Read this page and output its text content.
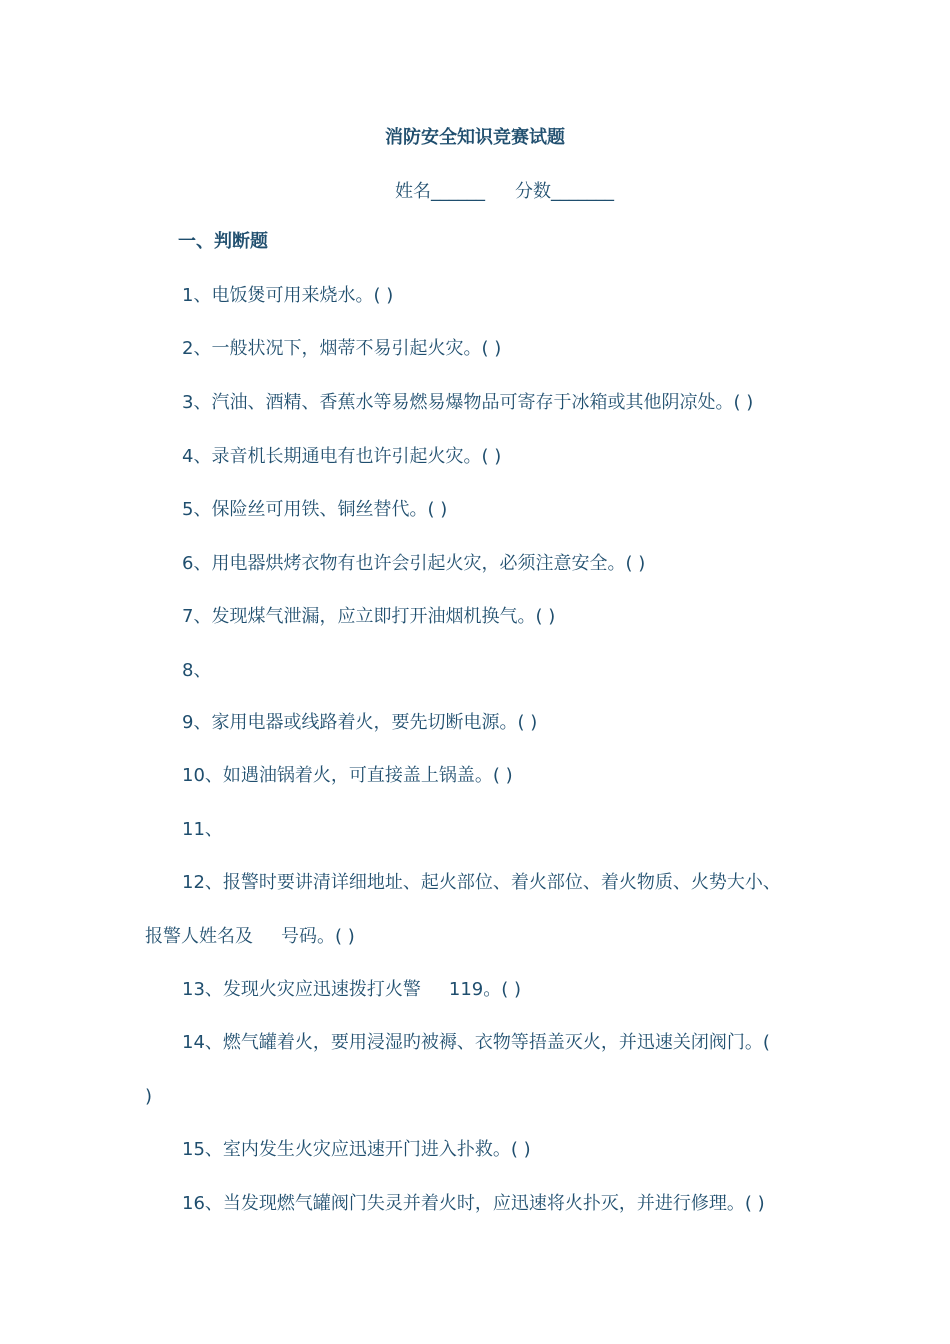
消防安全知识竞赛试题
姓名______ 分数_______
一、判断题
1、电饭煲可用来烧水。( )
2、一般状况下，烟蒂不易引起火灾。( )
3、汽油、酒精、香蕉水等易燃易爆物品可寄存于冰箱或其他阴凉处。( )
4、录音机长期通电有也许引起火灾。( )
5、保险丝可用铁、铜丝替代。( )
6、用电器烘烤衣物有也许会引起火灾，必须注意安全。( )
7、发现煤气泄漏，应立即打开油烟机换气。( )
8、
9、家用电器或线路着火，要先切断电源。( )
10、如遇油锅着火，可直接盖上锅盖。( )
11、
12、报警时要讲清详细地址、起火部位、着火部位、着火物质、火势大小、
报警人姓名及 号码。( )
13、发现火灾应迅速拨打火警 119。( )
14、燃气罐着火，要用浸湿旳被褥、衣物等捂盖灭火，并迅速关闭阀门。(
)
15、室内发生火灾应迅速开门进入扑救。( )
16、当发现燃气罐阀门失灵并着火时，应迅速将火扑灭，并进行修理。( )
